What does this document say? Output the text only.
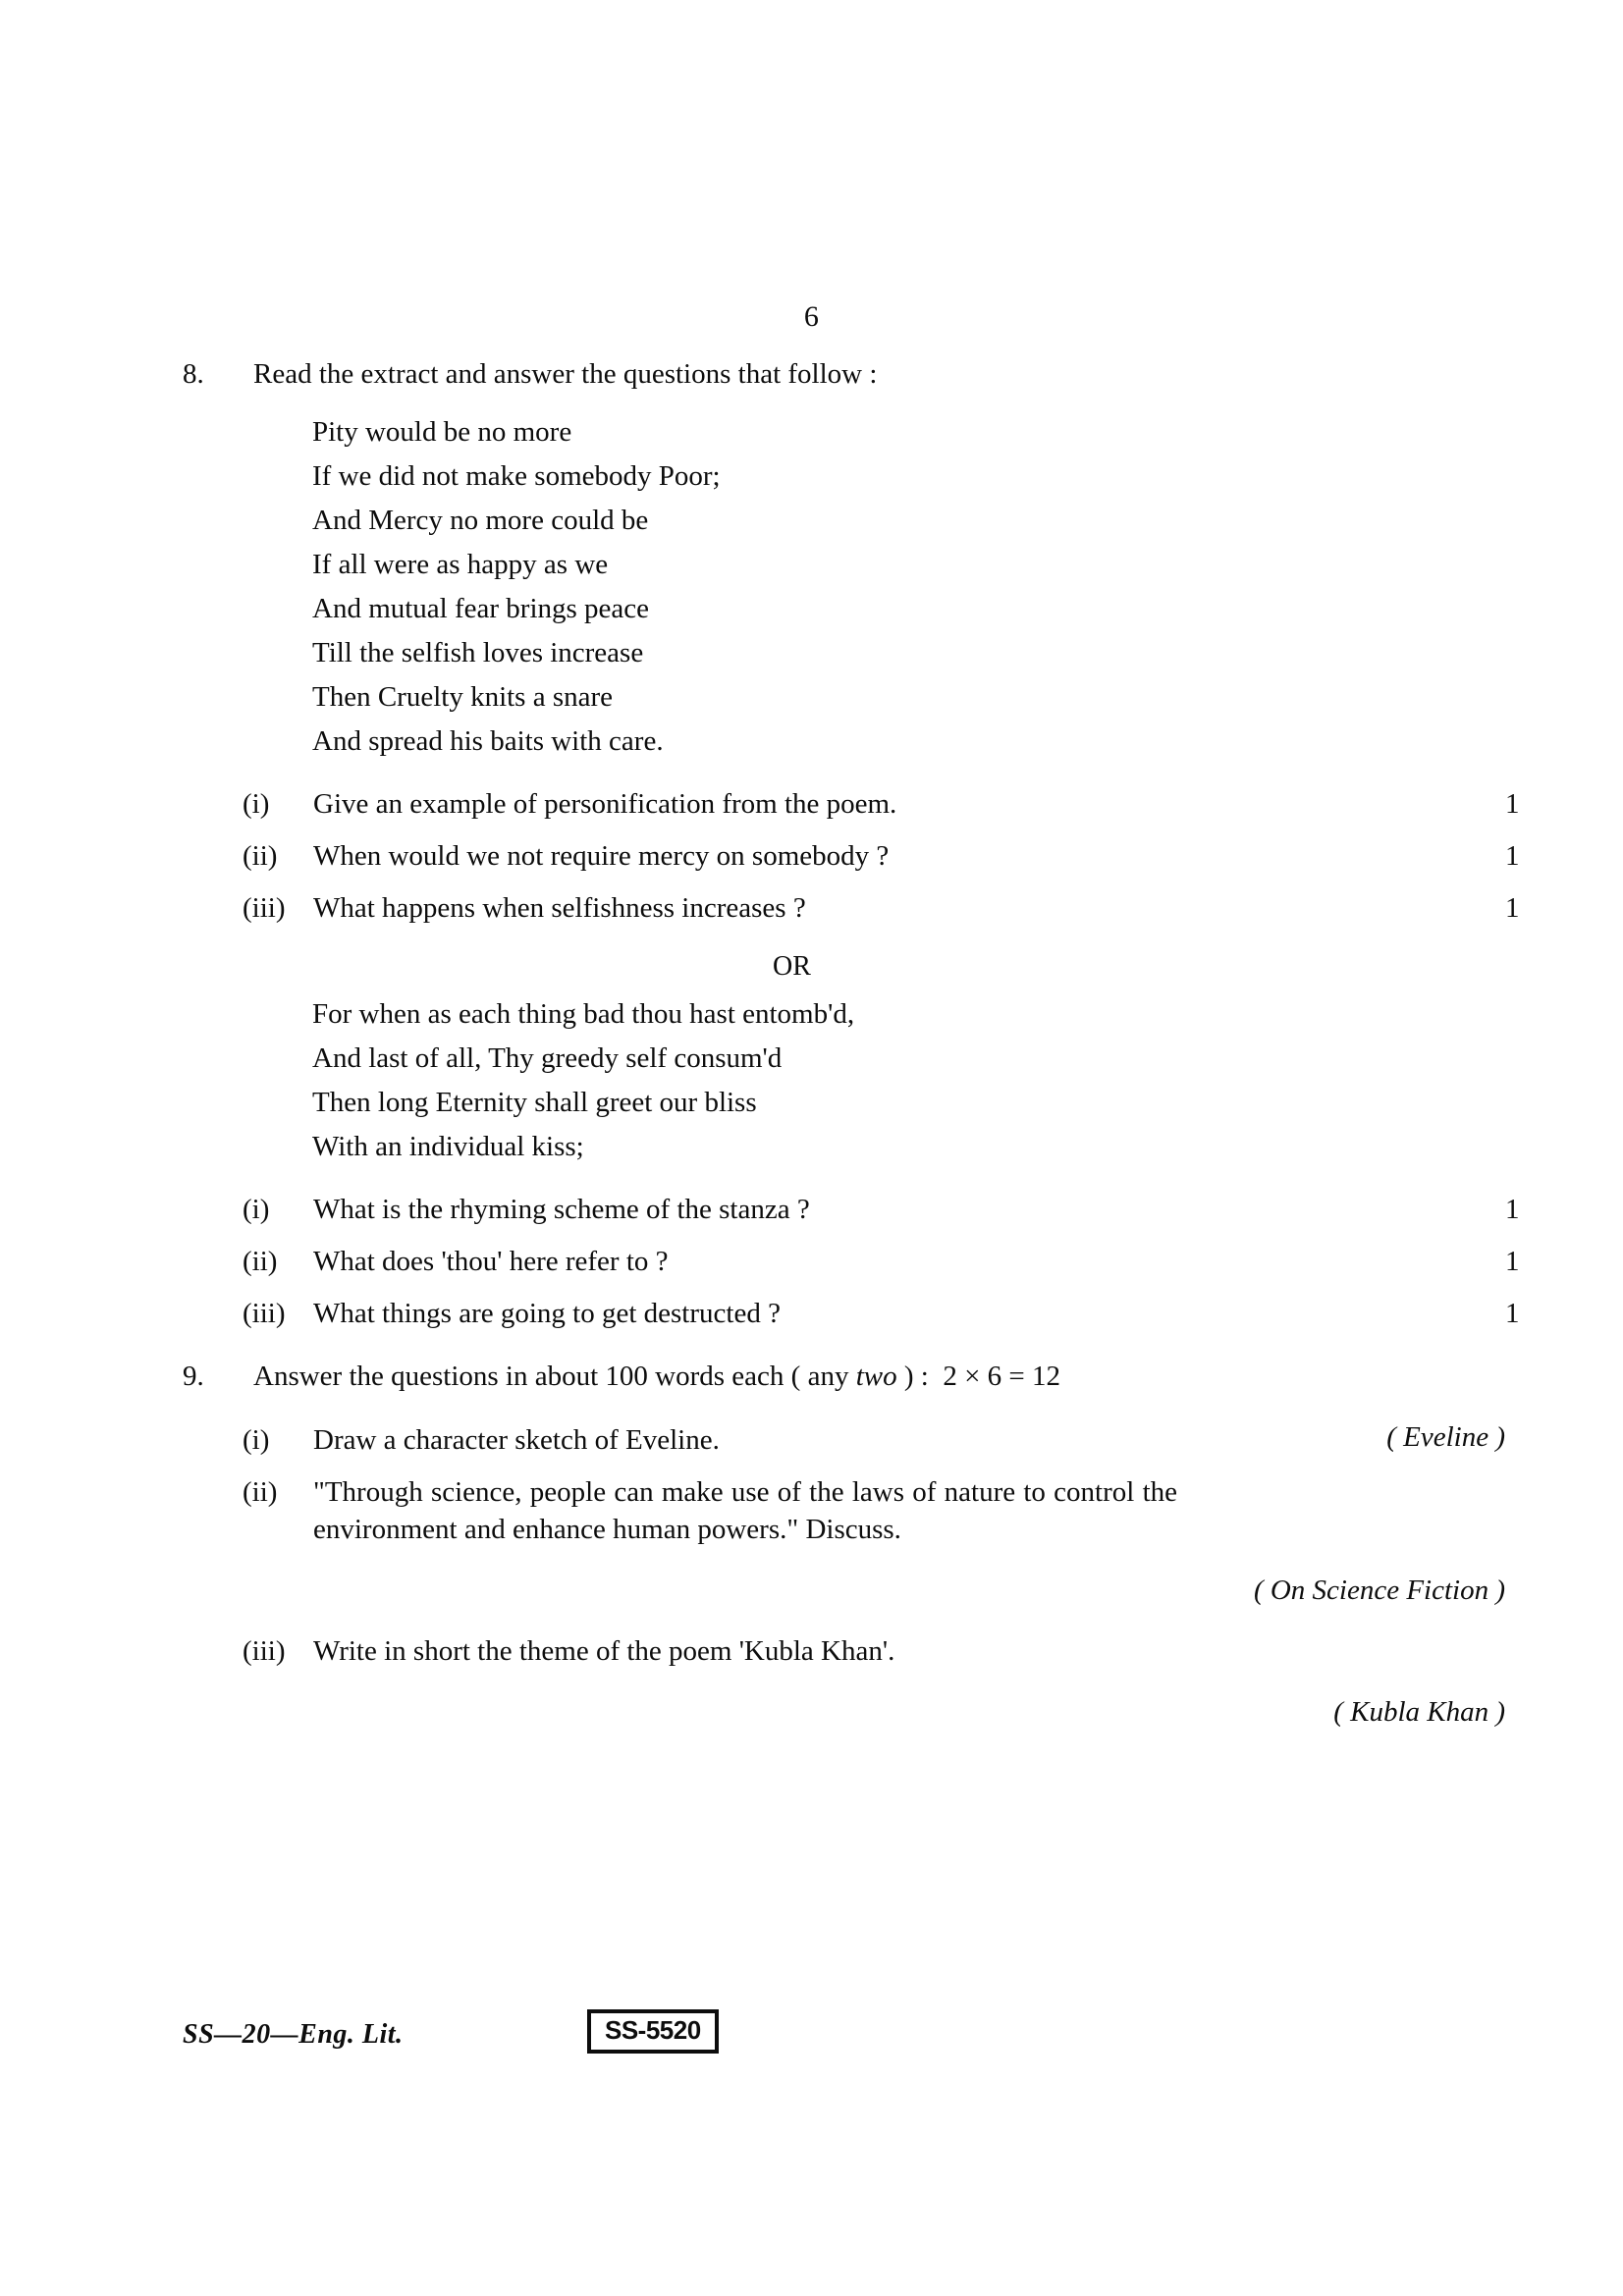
6
8.	Read the extract and answer the questions that follow :
Pity would be no more
If we did not make somebody Poor;
And Mercy no more could be
If all were as happy as we
And mutual fear brings peace
Till the selfish loves increase
Then Cruelty knits a snare
And spread his baits with care.
(i)	Give an example of personification from the poem.	1
(ii)	When would we not require mercy on somebody ?	1
(iii) What happens when selfishness increases ?	1
OR
For when as each thing bad thou hast entomb'd,
And last of all, Thy greedy self consum'd
Then long Eternity shall greet our bliss
With an individual kiss;
(i)	What is the rhyming scheme of the stanza ?	1
(ii)	What does 'thou' here refer to ?	1
(iii) What things are going to get destructed ?	1
9.	Answer the questions in about 100 words each ( any two ) : 2 × 6 = 12
(i)	Draw a character sketch of Eveline.	( Eveline )
(ii)	"Through science, people can make use of the laws of nature to control the environment and enhance human powers." Discuss.
( On Science Fiction )
(iii) Write in short the theme of the poem 'Kubla Khan'.
( Kubla Khan )
SS—20—Eng. Lit.	SS-5520
